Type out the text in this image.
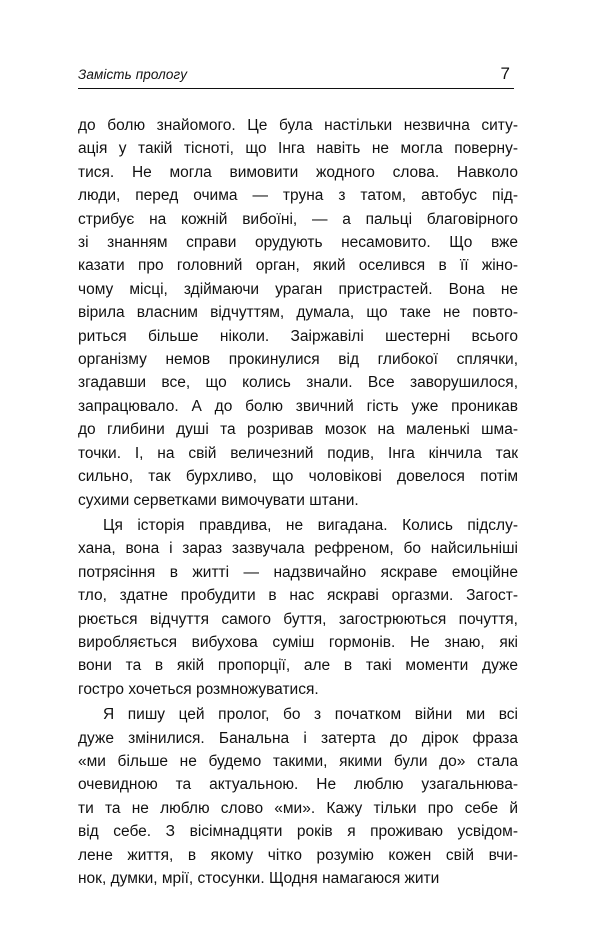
Замість прологу	7
до болю знайомого. Це була настільки незвична ситу-
ація у такій тісноті, що Інга навіть не могла поверну-
тися. Не могла вимовити жодного слова. Навколо
люди, перед очима — труна з татом, автобус під-
стрибує на кожній вибоїні, — а пальці благовірного
зі знанням справи орудують несамовито. Що вже
казати про головний орган, який оселився в її жіно-
чому місці, здіймаючи ураган пристрастей. Вона не
вірила власним відчуттям, думала, що таке не повто-
риться більше ніколи. Заіржавілі шестерні всього
організму немов прокинулися від глибокої сплячки,
згадавши все, що колись знали. Все заворушилося,
запрацювало. А до болю звичний гість уже проникав
до глибини душі та розривав мозок на маленькі шма-
точки. І, на свій величезний подив, Інга кінчила так
сильно, так бурхливо, що чоловікові довелося потім
сухими серветками вимочувати штани.
Ця історія правдива, не вигадана. Колись підслу-
хана, вона і зараз зазвучала рефреном, бо найсильніші
потрясіння в житті — надзвичайно яскраве емоційне
тло, здатне пробудити в нас яскраві оргазми. Загост-
рюється відчуття самого буття, загострюються почуття,
виробляється вибухова суміш гормонів. Не знаю, які
вони та в якій пропорції, але в такі моменти дуже
гостро хочеться розмножуватися.
Я пишу цей пролог, бо з початком війни ми всі
дуже змінилися. Банальна і затерта до дірок фраза
«ми більше не будемо такими, якими були до» стала
очевидною та актуальною. Не люблю узагальнюва-
ти та не люблю слово «ми». Кажу тільки про себе й
від себе. З вісімнадцяти років я проживаю усвідом-
лене життя, в якому чітко розумію кожен свій вчи-
нок, думки, мрії, стосунки. Щодня намагаюся жити
